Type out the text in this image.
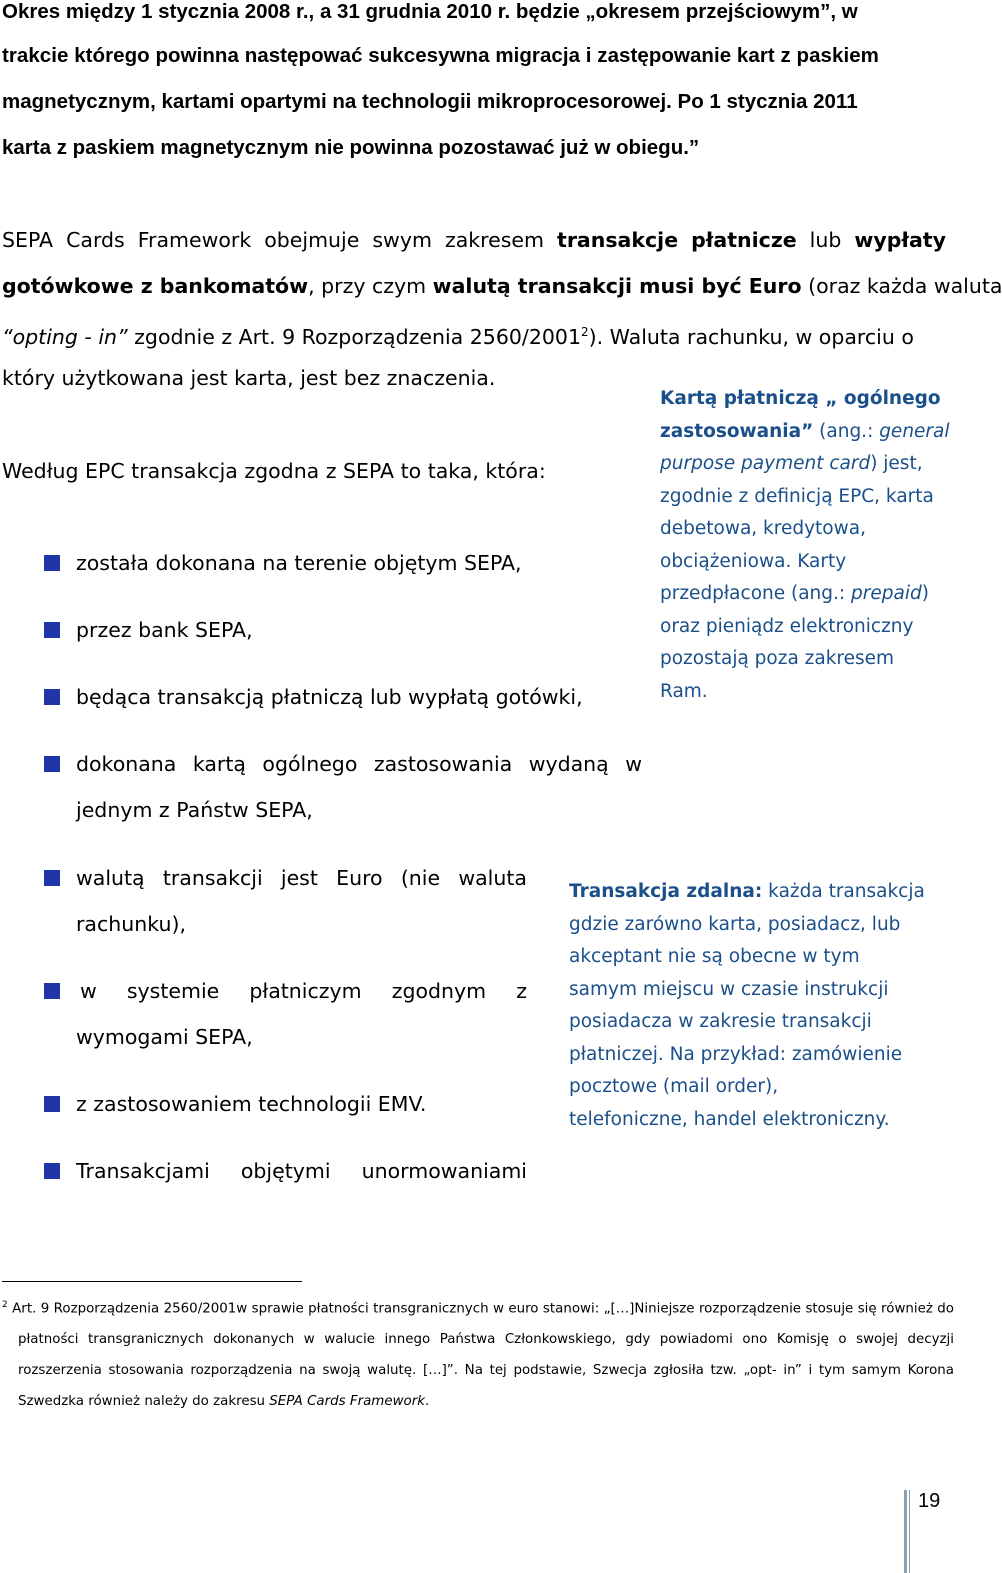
Okres między 1 stycznia 2008 r., a 31 grudnia 2010 r. będzie „okresem przejściowym”, w
trakcie którego powinna następować sukcesywna migracja i zastępowanie kart z paskiem
magnetycznym, kartami opartymi na technologii mikroprocesorowej. Po 1 stycznia 2011
karta z paskiem magnetycznym nie powinna pozostawać już w obiegu.”
SEPA Cards Framework obejmuje swym zakresem transakcje płatnicze lub wypłaty
gotówkowe z bankomatów, przy czym walutą transakcji musi być Euro (oraz każda waluta
“opting - in” zgodnie z Art. 9 Rozporządzenia 2560/2001$^2$). Waluta rachunku, w oparciu o
który użytkowana jest karta, jest bez znaczenia.
Według EPC transakcja zgodna z SEPA to taka, która:
została dokonana na terenie objętym SEPA,
przez bank SEPA,
będąca transakcją płatniczą lub wypłatą gotówki,
dokonana kartą ogólnego zastosowania wydaną w
jednym z Państw SEPA,
walutą transakcji jest Euro (nie waluta
rachunku),
w systemie płatniczym zgodnym z
wymogami SEPA,
z zastosowaniem technologii EMV.
Transakcjami objętymi unormowaniami
Kartą płatniczą „ ogólnego
zastosowania” (ang.: general
purpose payment card) jest,
zgodnie z definicją EPC, karta
debetowa, kredytowa,
obciążeniowa. Karty
przedpłacone (ang.: prepaid)
oraz pieniądz elektroniczny
pozostają poza zakresem
Ram.
Transakcja zdalna: każda transakcja
gdzie zarówno karta, posiadacz, lub
akceptant nie są obecne w tym
samym miejscu w czasie instrukcji
posiadacza w zakresie transakcji
płatniczej. Na przykład: zamówienie
pocztowe (mail order),
telefoniczne, handel elektroniczny.
$^2$ Art. 9 Rozporządzenia 2560/2001w sprawie płatności transgranicznych w euro stanowi: „[…]Niniejsze rozporządzenie stosuje się również do płatności transgranicznych dokonanych w walucie innego Państwa Członkowskiego, gdy powiadomi ono Komisję o swojej decyzji rozszerzenia stosowania rozporządzenia na swoją walutę. […]”. Na tej podstawie, Szwecja zgłosiła tzw. „opt- in” i tym samym Korona Szwedzka również należy do zakresu SEPA Cards Framework.
19
